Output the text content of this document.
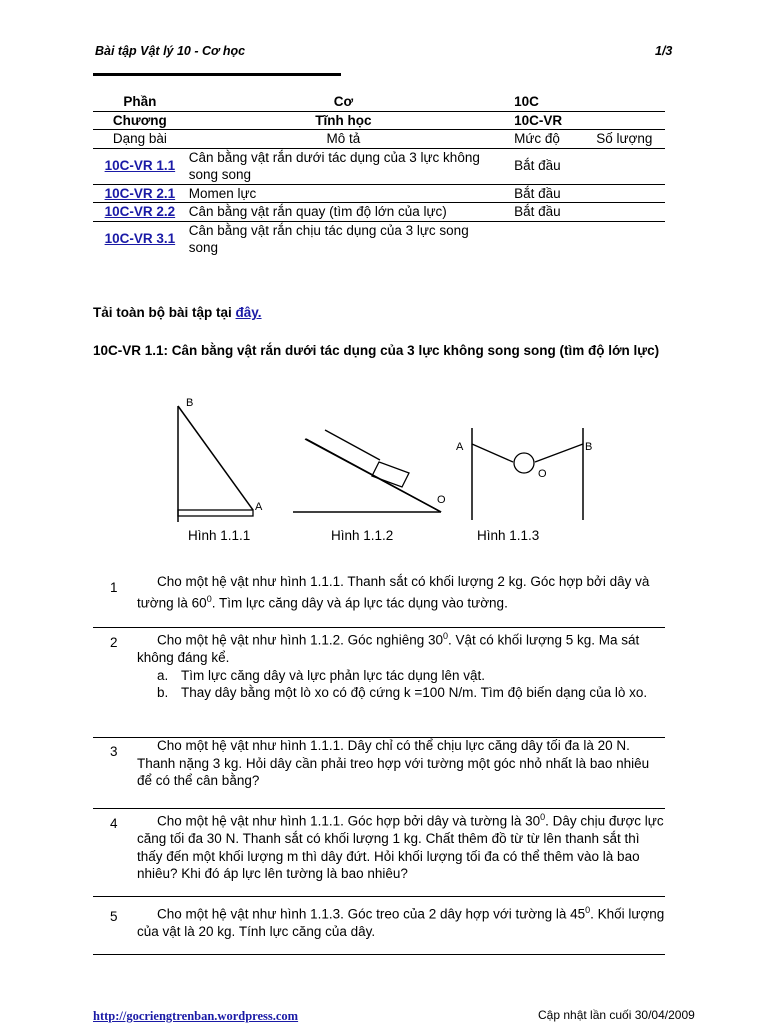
Bài tập Vật lý 10 - Cơ học	1/3
Phần	Cơ	10C	
Chương	Tĩnh học	10C-VR	
Dạng bài	Mô tả	Mức độ	Số lượng
10C-VR 1.1	Cân bằng vật rắn dưới tác dụng của 3 lực không song song	Bắt đầu	
10C-VR 2.1	Momen lực	Bắt đầu	
10C-VR 2.2	Cân bằng vật rắn quay (tìm độ lớn của lực)	Bắt đầu	
10C-VR 3.1	Cân bằng vật rắn chịu tác dụng của 3 lực song song		
Tải toàn bộ bài tập tại đây.
10C-VR 1.1: Cân bằng vật rắn dưới tác dụng của 3 lực không song song (tìm độ lớn lực)
B
A
Hình 1.1.1
O
Hình 1.1.2
A	B
O
Hình 1.1.3
1	Cho một hệ vật như hình 1.1.1. Thanh sắt có khối lượng 2 kg. Góc hợp bởi dây và tường là $60^0$. Tìm lực căng dây và áp lực tác dụng vào tường.
2	Cho một hệ vật như hình 1.1.2. Góc nghiêng $30^0$. Vật có khối lượng 5 kg. Ma sát không đáng kể.
a. Tìm lực căng dây và lực phản lực tác dụng lên vật.
b. Thay dây bằng một lò xo có độ cứng k =100 N/m. Tìm độ biến dạng của lò xo.
3	Cho một hệ vật như hình 1.1.1. Dây chỉ có thể chịu lực căng dây tối đa là 20 N. Thanh nặng 3 kg. Hỏi dây cần phải treo hợp với tường một góc nhỏ nhất là bao nhiêu để có thể cân bằng?
4	Cho một hệ vật như hình 1.1.1. Góc hợp bởi dây và tường là $30^0$. Dây chịu được lực căng tối đa 30 N. Thanh sắt có khối lượng 1 kg. Chất thêm đồ từ từ lên thanh sắt thì thấy đến một khối lượng m thì dây đứt. Hỏi khối lượng tối đa có thể thêm vào là bao nhiêu? Khi đó áp lực lên tường là bao nhiêu?
5	Cho một hệ vật như hình 1.1.3. Góc treo của 2 dây hợp với tường là $45^0$. Khối lượng của vật là 20 kg. Tính lực căng của dây.
http://gocriengtrenban.wordpress.com	Cập nhật lần cuối 30/04/2009
